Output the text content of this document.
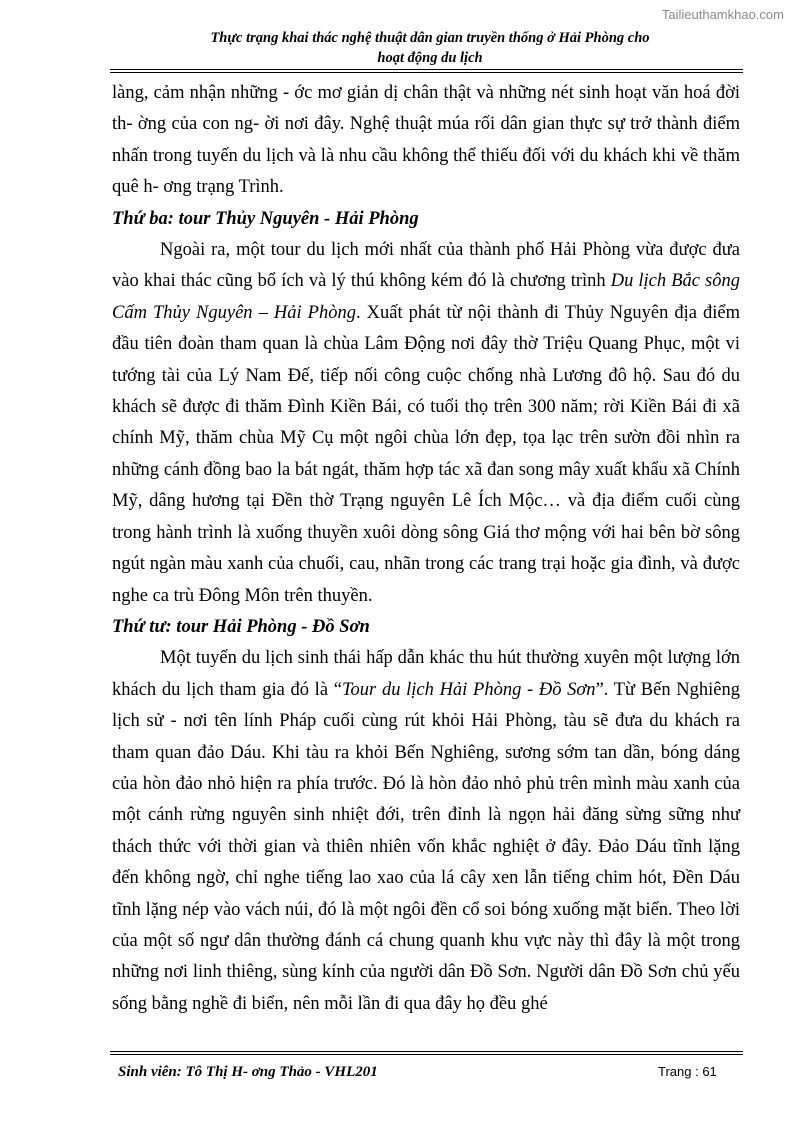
Tailieuthamkhao.com
Thực trạng khai thác nghệ thuật dân gian truyền thống ở Hải Phòng cho
hoạt động du lịch

làng, cảm nhận những - ớc mơ giản dị chân thật và những nét sinh hoạt văn hoá đời th- ờng của con ng- ời nơi đây. Nghệ thuật múa rối dân gian thực sự trở thành điểm nhấn trong tuyến du lịch và là nhu cầu không thể thiếu đối với du khách khi về thăm quê h- ơng trạng Trình.

Thứ ba: tour Thủy Nguyên - Hải Phòng

Ngoài ra, một tour du lịch mới nhất của thành phố Hải Phòng vừa được đưa vào khai thác cũng bổ ích và lý thú không kém đó là chương trình Du lịch Bắc sông Cấm Thủy Nguyên – Hải Phòng. Xuất phát từ nội thành đi Thủy Nguyên địa điểm đầu tiên đoàn tham quan là chùa Lâm Động nơi đây thờ Triệu Quang Phục, một vi tướng tài của Lý Nam Đế, tiếp nối công cuộc chống nhà Lương đô hộ. Sau đó du khách sẽ được đi thăm Đình Kiền Bái, có tuổi thọ trên 300 năm; rời Kiền Bái đi xã chính Mỹ, thăm chùa Mỹ Cụ một ngôi chùa lớn đẹp, tọa lạc trên sườn đồi nhìn ra những cánh đồng bao la bát ngát, thăm hợp tác xã đan song mây xuất khẩu xã Chính Mỹ, dâng hương tại Đền thờ Trạng nguyên Lê Ích Mộc… và địa điểm cuối cùng trong hành trình là xuống thuyền xuôi dòng sông Giá thơ mộng với hai bên bờ sông ngút ngàn màu xanh của chuối, cau, nhãn trong các trang trại hoặc gia đình, và được nghe ca trù Đông Môn trên thuyền.

Thứ tư: tour Hải Phòng - Đồ Sơn

Một tuyến du lịch sinh thái hấp dẫn khác thu hút thường xuyên một lượng lớn khách du lịch tham gia đó là “Tour du lịch Hải Phòng - Đồ Sơn”. Từ Bến Nghiêng lịch sử - nơi tên lính Pháp cuối cùng rút khỏi Hải Phòng, tàu sẽ đưa du khách ra tham quan đảo Dáu. Khi tàu ra khỏi Bến Nghiêng, sương sớm tan dần, bóng dáng của hòn đảo nhỏ hiện ra phía trước. Đó là hòn đảo nhỏ phủ trên mình màu xanh của một cánh rừng nguyên sinh nhiệt đới, trên đỉnh là ngọn hải đăng sừng sững như thách thức với thời gian và thiên nhiên vốn khắc nghiệt ở đây. Đảo Dáu tĩnh lặng đến không ngờ, chỉ nghe tiếng lao xao của lá cây xen lẫn tiếng chim hót, Đền Dáu tĩnh lặng nép vào vách núi, đó là một ngôi đền cổ soi bóng xuống mặt biển. Theo lời của một số ngư dân thường đánh cá chung quanh khu vực này thì đây là một trong những nơi linh thiêng, sùng kính của người dân Đồ Sơn. Người dân Đồ Sơn chủ yếu sống bằng nghề đi biển, nên mỗi lần đi qua đây họ đều ghé

Sinh viên: Tô Thị H- ơng Thảo - VHL201	Trang : 61
